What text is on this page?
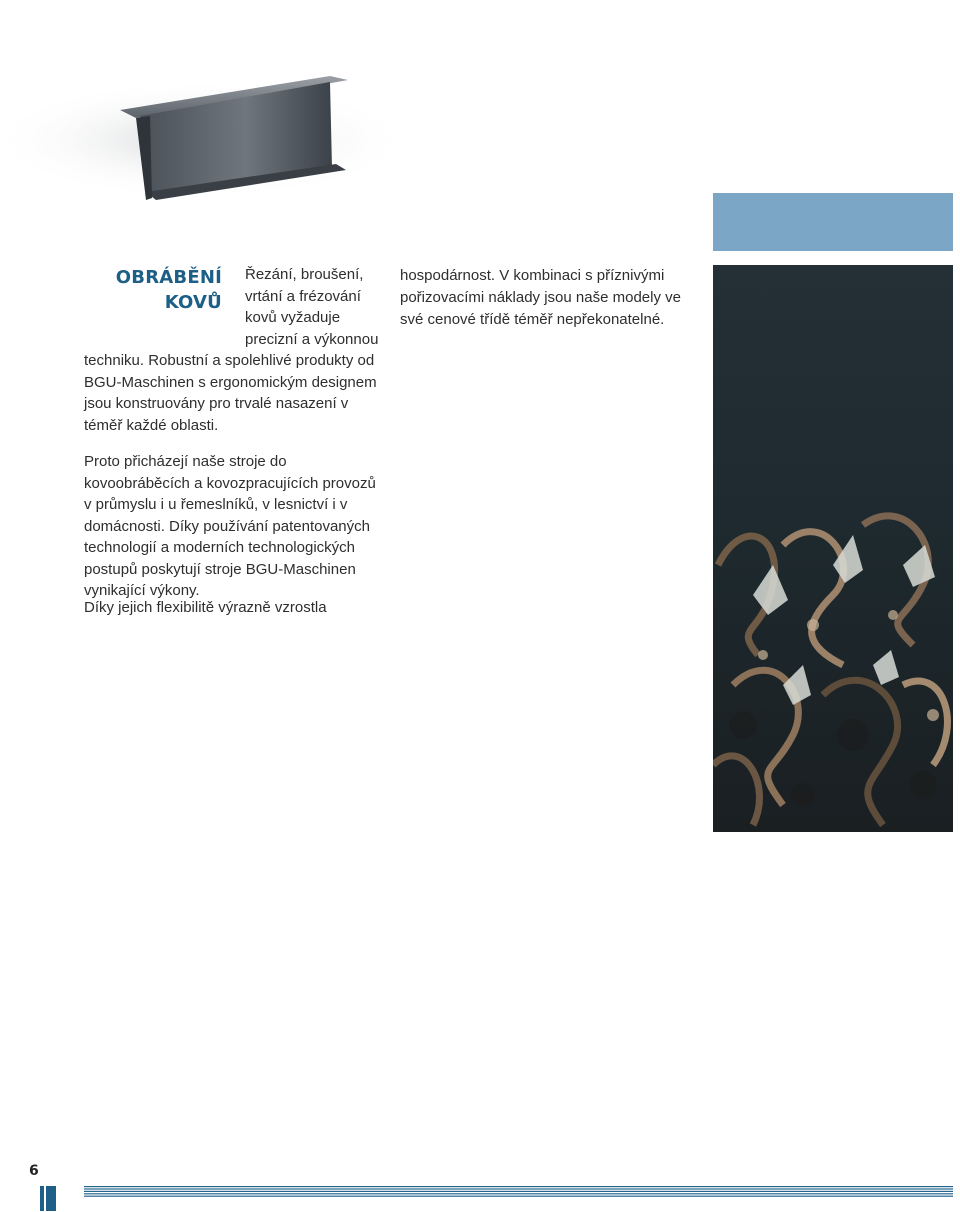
OBRÁBĚNÍ
KOVŮ

Řezání, broušení,
vrtání a frézování
kovů vyžaduje
precizní a výkonnou

techniku. Robustní a spolehlivé produkty od
BGU-Maschinen s ergonomickým designem
jsou konstruovány pro trvalé nasazení v
téměř každé oblasti.

Proto přicházejí naše stroje do
kovoobráběcích a kovozpracujících provozů
v průmyslu i u řemeslníků, v lesnictví i v
domácnosti. Díky používání patentovaných
technologií a moderních technologických
postupů poskytují stroje BGU-Maschinen
vynikající výkony.

Díky jejich flexibilitě výrazně vzrostla

hospodárnost. V kombinaci s příznivými
pořizovacími náklady jsou naše modely ve
své cenové třídě téměř nepřekonatelné.

6
